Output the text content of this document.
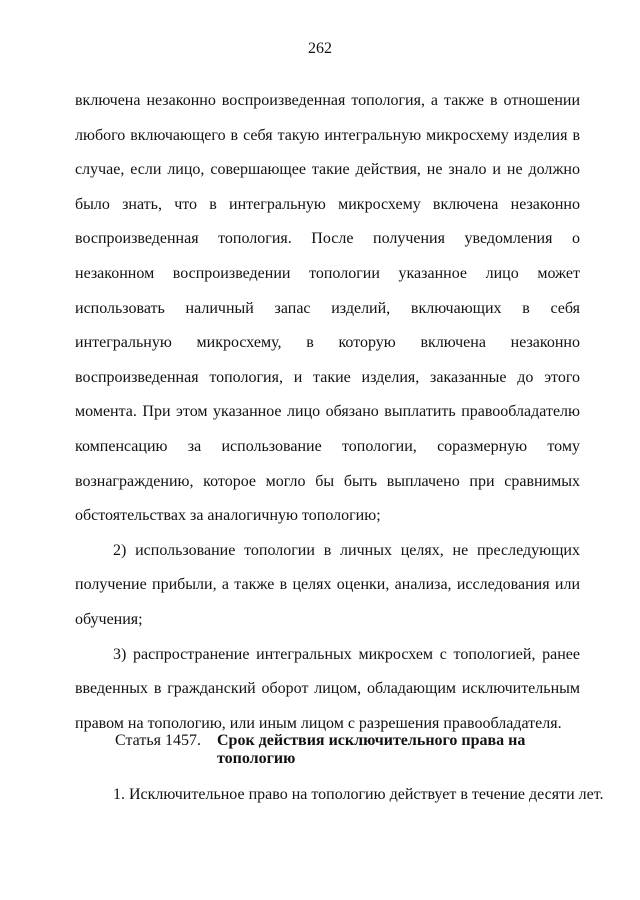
262

включена незаконно воспроизведенная топология, а также в отношении любого включающего в себя такую интегральную микросхему изделия в случае, если лицо, совершающее такие действия, не знало и не должно было знать, что в интегральную микросхему включена незаконно воспроизведенная топология. После получения уведомления о незаконном воспроизведении топологии указанное лицо может использовать наличный запас изделий, включающих в себя интегральную микросхему, в которую включена незаконно воспроизведенная топология, и такие изделия, заказанные до этого момента. При этом указанное лицо обязано выплатить правообладателю компенсацию за использование топологии, соразмерную тому вознаграждению, которое могло бы быть выплачено при сравнимых обстоятельствах за аналогичную топологию;

2) использование топологии в личных целях, не преследующих получение прибыли, а также в целях оценки, анализа, исследования или обучения;

3) распространение интегральных микросхем с топологией, ранее введенных в гражданский оборот лицом, обладающим исключительным правом на топологию, или иным лицом с разрешения правообладателя.

Статья 1457.	Срок действия исключительного права на топологию
1. Исключительное право на топологию действует в течение десяти лет.
